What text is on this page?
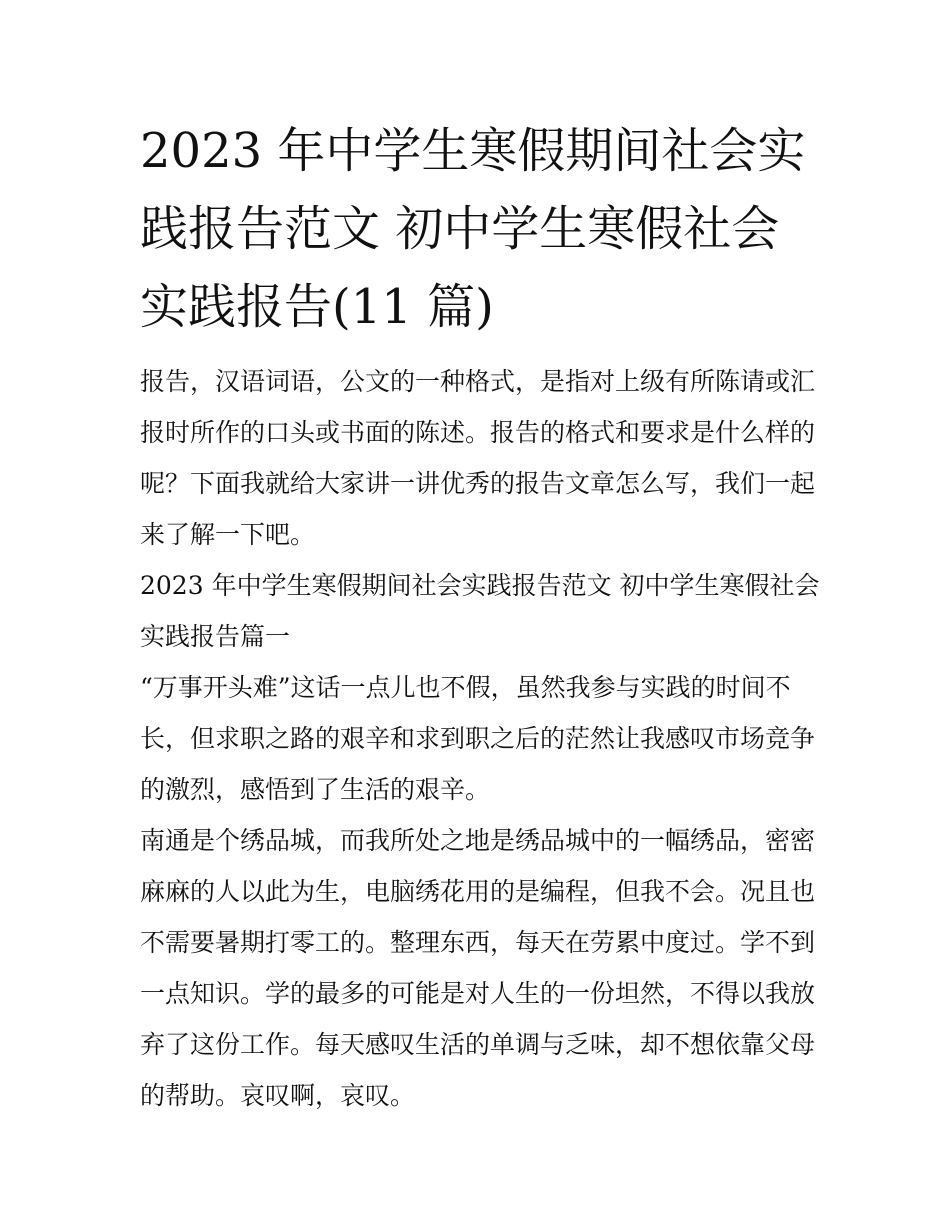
2023 年中学生寒假期间社会实
践报告范文 初中学生寒假社会
实践报告(11 篇)
报告，汉语词语，公文的一种格式，是指对上级有所陈请或汇
报时所作的口头或书面的陈述。报告的格式和要求是什么样的
呢？下面我就给大家讲一讲优秀的报告文章怎么写，我们一起
来了解一下吧。
2023 年中学生寒假期间社会实践报告范文 初中学生寒假社会
实践报告篇一
“万事开头难”这话一点儿也不假，虽然我参与实践的时间不
长，但求职之路的艰辛和求到职之后的茫然让我感叹市场竞争
的激烈，感悟到了生活的艰辛。
南通是个绣品城，而我所处之地是绣品城中的一幅绣品，密密
麻麻的人以此为生，电脑绣花用的是编程，但我不会。况且也
不需要暑期打零工的。整理东西，每天在劳累中度过。学不到
一点知识。学的最多的可能是对人生的一份坦然，不得以我放
弃了这份工作。每天感叹生活的单调与乏味，却不想依靠父母
的帮助。哀叹啊，哀叹。
